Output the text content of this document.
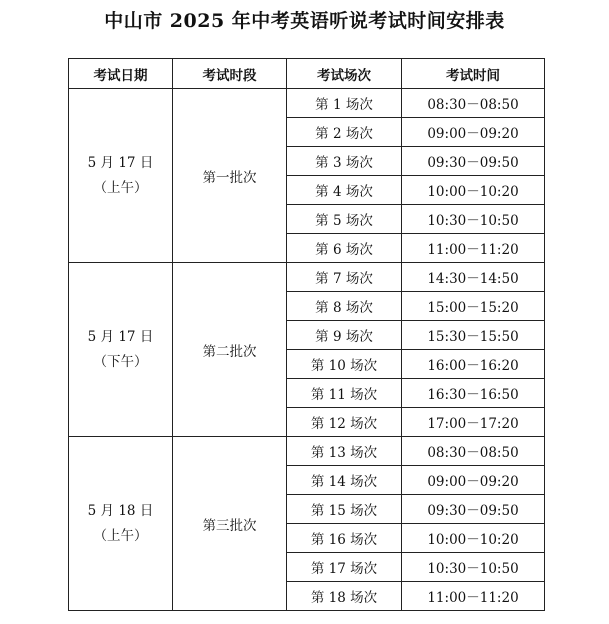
中山市 2025 年中考英语听说考试时间安排表
考试日期	考试时段	考试场次	考试时间

5 月 17 日
（上午）	第一批次	第 1 场次	08:30－08:50
		第 2 场次	09:00－09:20
		第 3 场次	09:30－09:50
		第 4 场次	10:00－10:20
		第 5 场次	10:30－10:50
		第 6 场次	11:00－11:20

5 月 17 日
（下午）	第二批次	第 7 场次	14:30－14:50
		第 8 场次	15:00－15:20
		第 9 场次	15:30－15:50
		第 10 场次	16:00－16:20
		第 11 场次	16:30－16:50
		第 12 场次	17:00－17:20

5 月 18 日
（上午）	第三批次	第 13 场次	08:30－08:50
		第 14 场次	09:00－09:20
		第 15 场次	09:30－09:50
		第 16 场次	10:00－10:20
		第 17 场次	10:30－10:50
		第 18 场次	11:00－11:20
